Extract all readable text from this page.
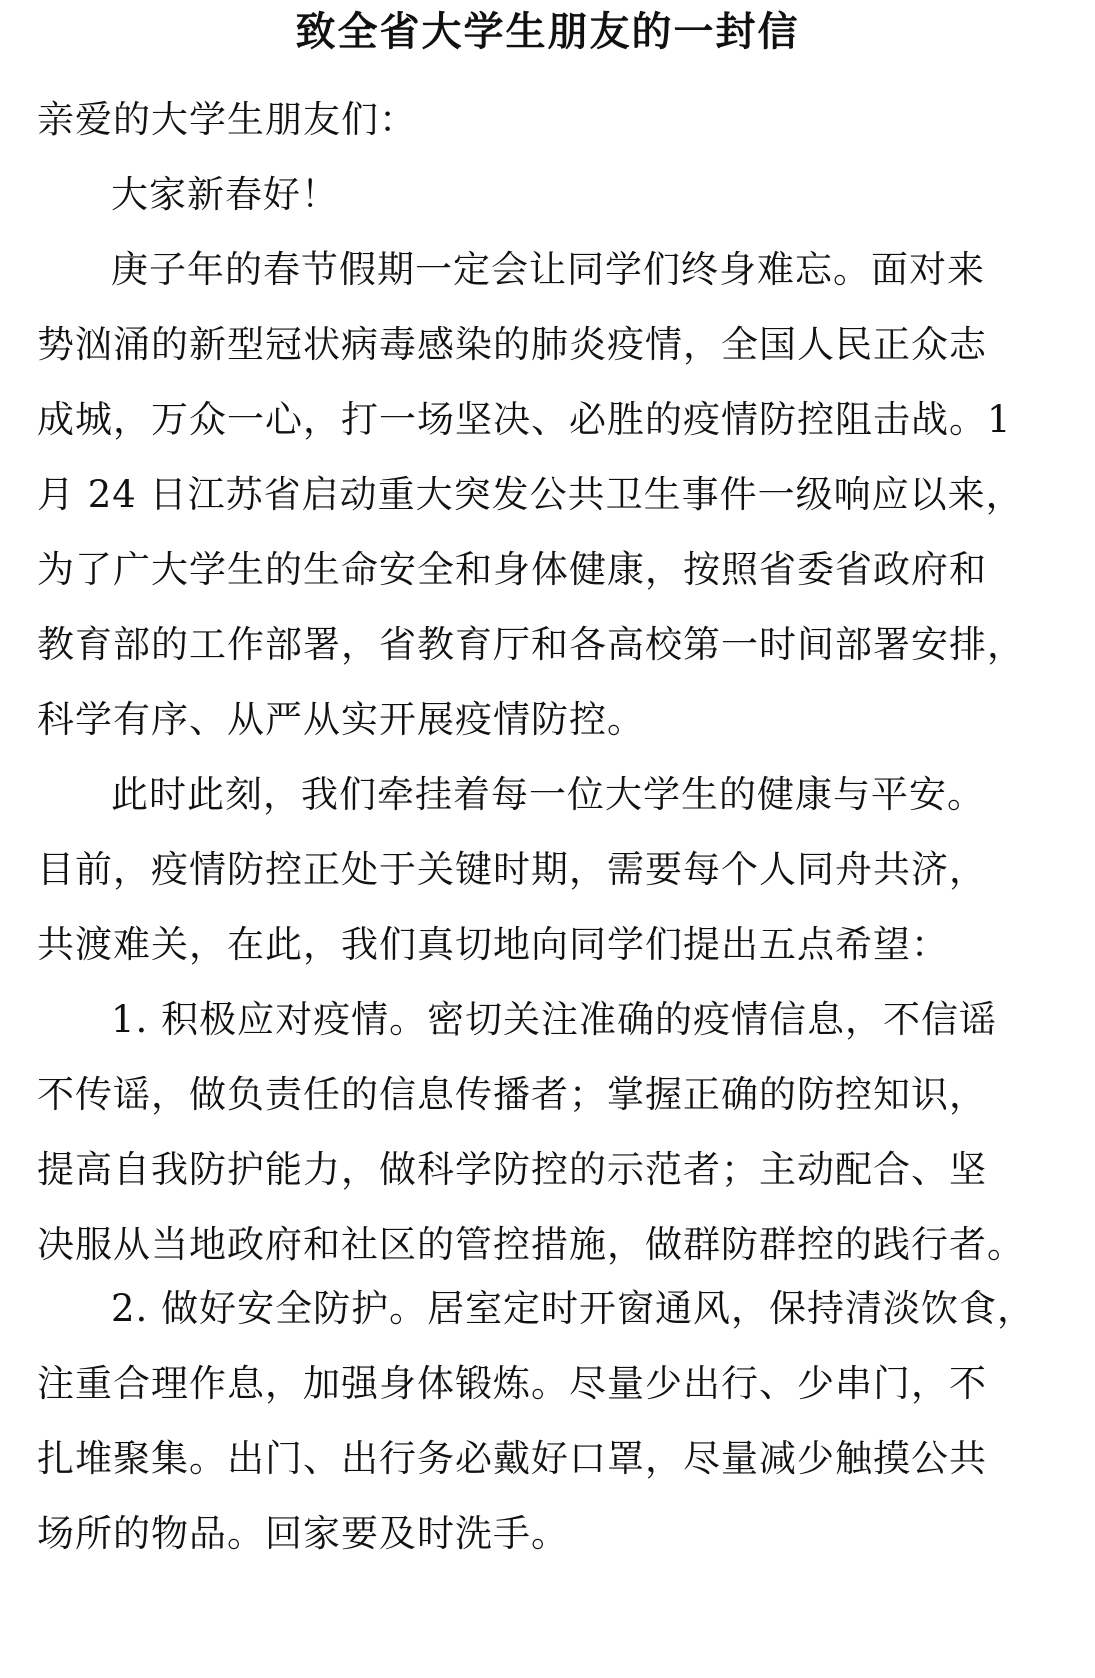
致全省大学生朋友的一封信
亲爱的大学生朋友们：
大家新春好！
庚子年的春节假期一定会让同学们终身难忘。面对来
势汹涌的新型冠状病毒感染的肺炎疫情，全国人民正众志
成城，万众一心，打一场坚决、必胜的疫情防控阻击战。1
月 24 日江苏省启动重大突发公共卫生事件一级响应以来，
为了广大学生的生命安全和身体健康，按照省委省政府和
教育部的工作部署，省教育厅和各高校第一时间部署安排，
科学有序、从严从实开展疫情防控。
此时此刻，我们牵挂着每一位大学生的健康与平安。
目前，疫情防控正处于关键时期，需要每个人同舟共济，
共渡难关，在此，我们真切地向同学们提出五点希望：
1. 积极应对疫情。密切关注准确的疫情信息，不信谣
不传谣，做负责任的信息传播者；掌握正确的防控知识，
提高自我防护能力，做科学防控的示范者；主动配合、坚
决服从当地政府和社区的管控措施，做群防群控的践行者。
2. 做好安全防护。居室定时开窗通风，保持清淡饮食，
注重合理作息，加强身体锻炼。尽量少出行、少串门，不
扎堆聚集。出门、出行务必戴好口罩，尽量减少触摸公共
场所的物品。回家要及时洗手。
